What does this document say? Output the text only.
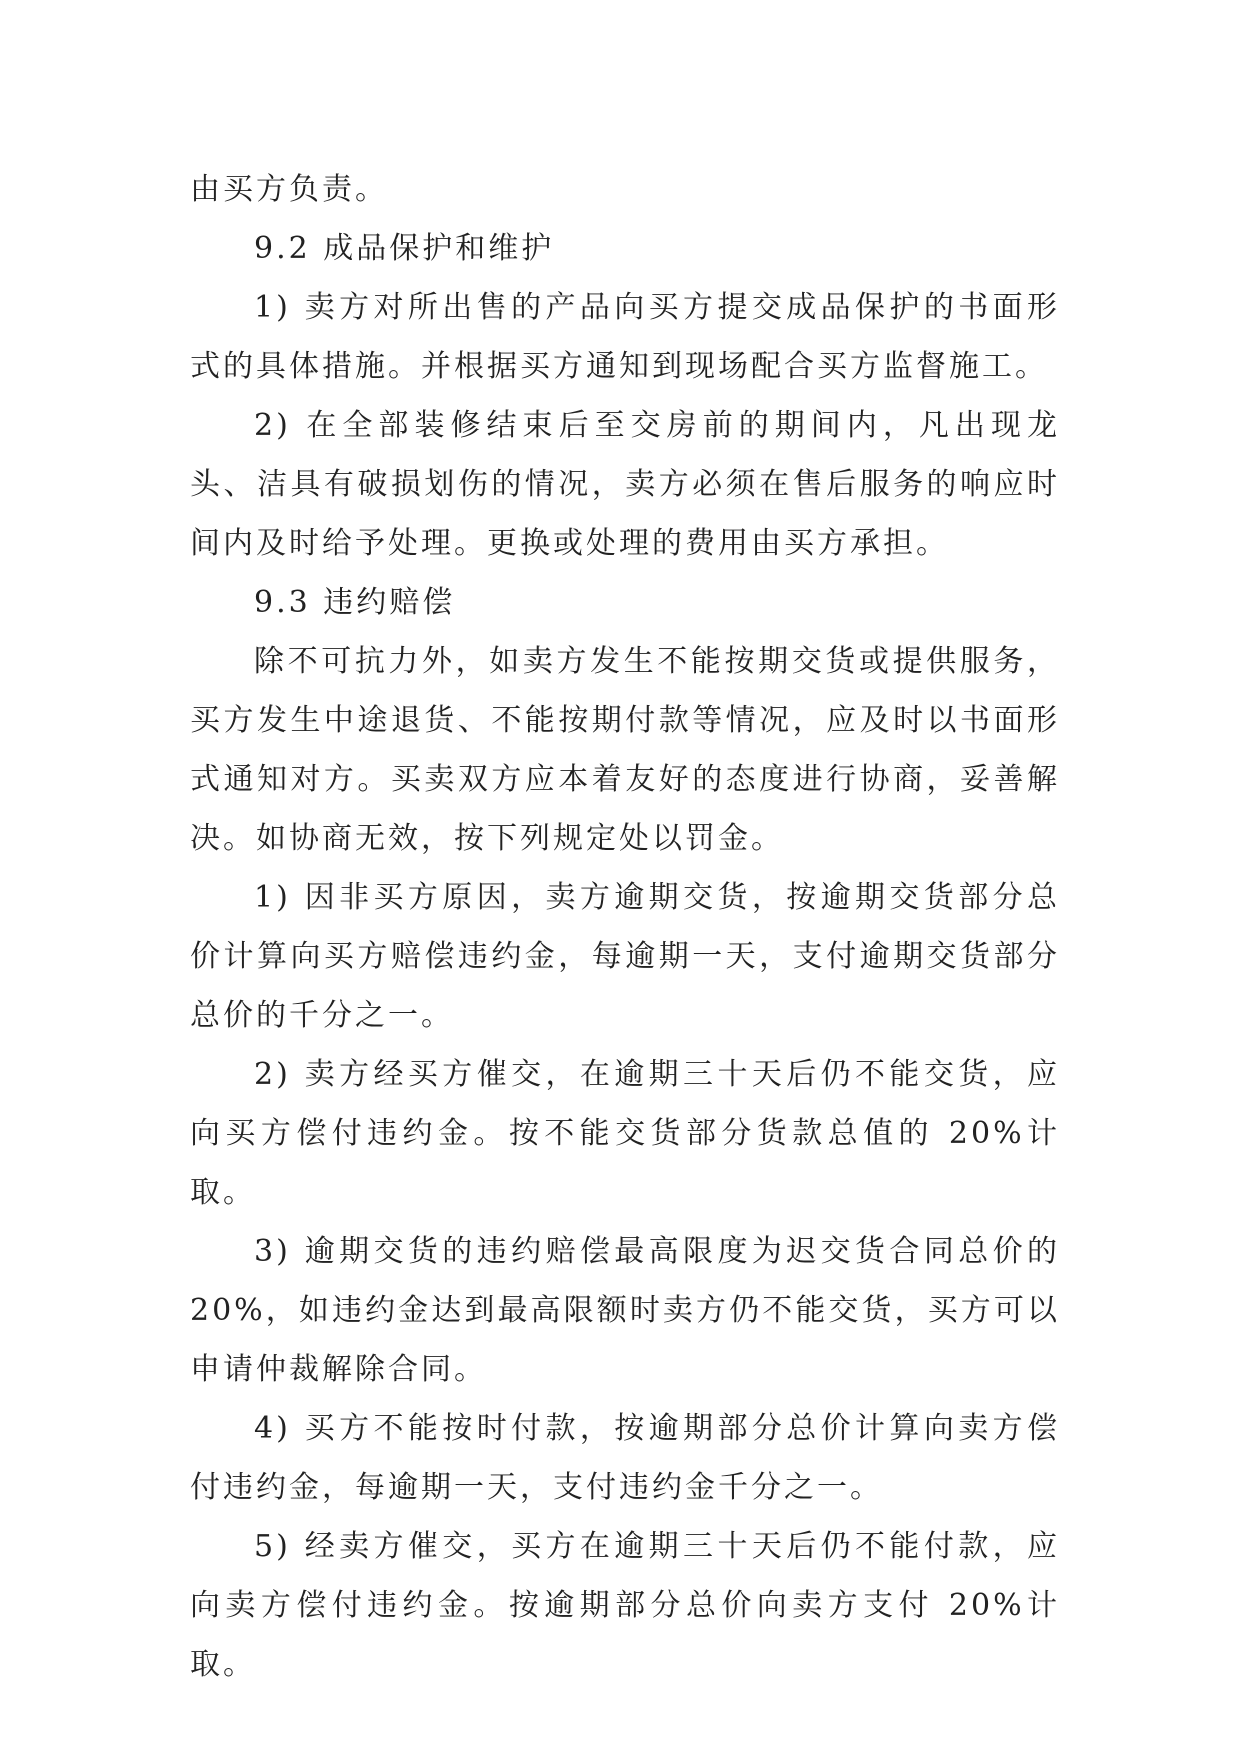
由买方负责。

9.2 成品保护和维护

1) 卖方对所出售的产品向买方提交成品保护的书面形式的具体措施。并根据买方通知到现场配合买方监督施工。

2) 在全部装修结束后至交房前的期间内，凡出现龙头、洁具有破损划伤的情况，卖方必须在售后服务的响应时间内及时给予处理。更换或处理的费用由买方承担。

9.3 违约赔偿

除不可抗力外，如卖方发生不能按期交货或提供服务，买方发生中途退货、不能按期付款等情况，应及时以书面形式通知对方。买卖双方应本着友好的态度进行协商，妥善解决。如协商无效，按下列规定处以罚金。

1) 因非买方原因，卖方逾期交货，按逾期交货部分总价计算向买方赔偿违约金，每逾期一天，支付逾期交货部分总价的千分之一。

2) 卖方经买方催交，在逾期三十天后仍不能交货，应向买方偿付违约金。按不能交货部分货款总值的 20%计取。

3) 逾期交货的违约赔偿最高限度为迟交货合同总价的 20%，如违约金达到最高限额时卖方仍不能交货，买方可以申请仲裁解除合同。

4) 买方不能按时付款，按逾期部分总价计算向卖方偿付违约金，每逾期一天，支付违约金千分之一。

5) 经卖方催交，买方在逾期三十天后仍不能付款，应向卖方偿付违约金。按逾期部分总价向卖方支付 20%计取。
